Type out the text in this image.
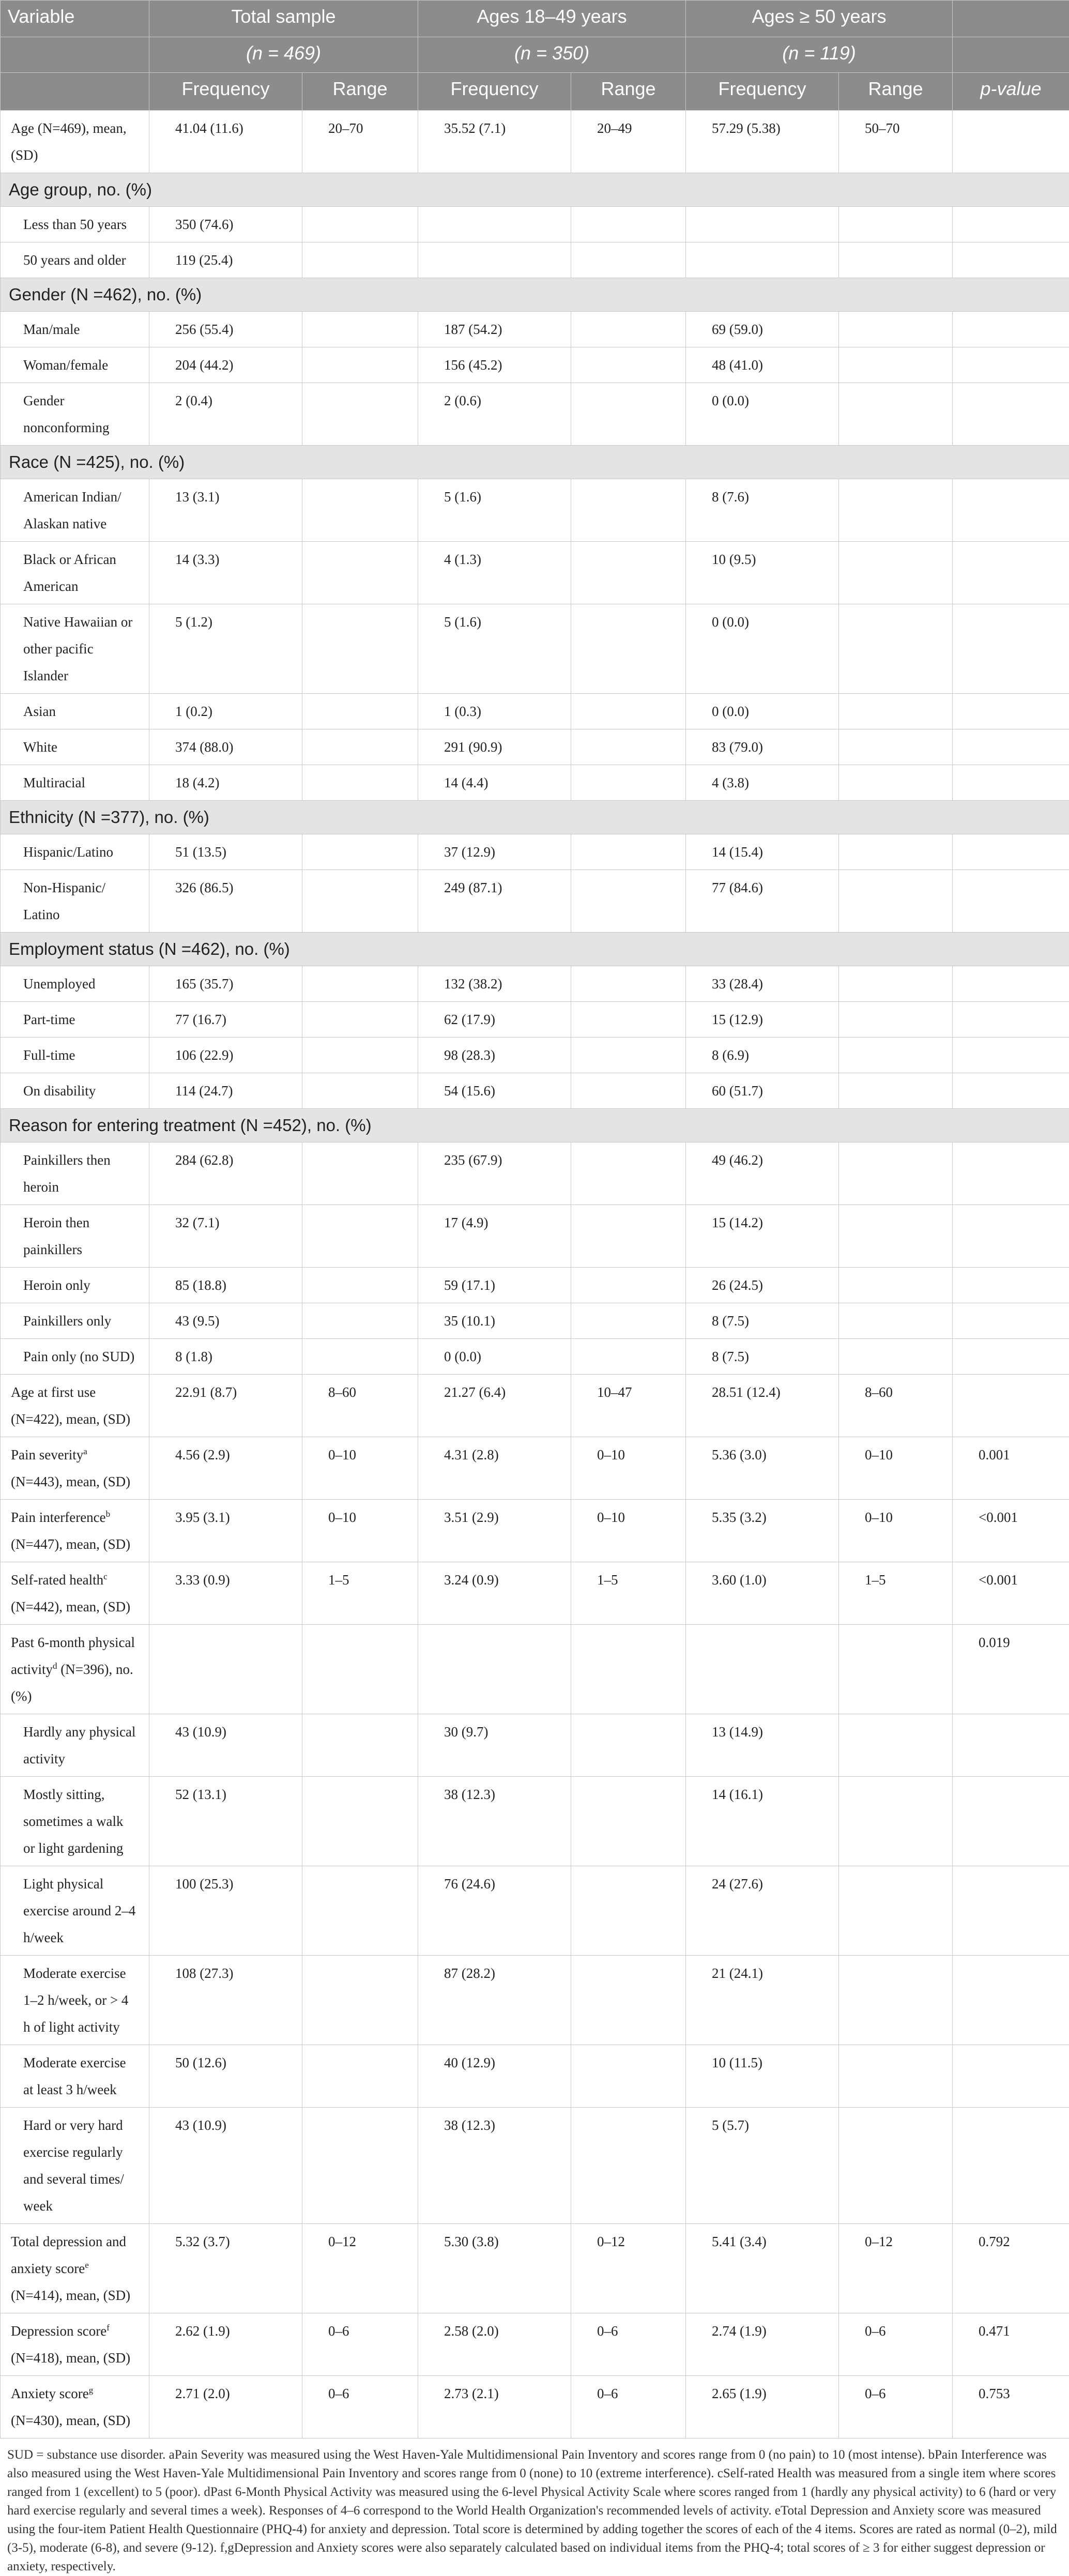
Variable	Total sample		Ages 18–49 years		Ages ≥ 50 years		
	(n = 469)		(n = 350)		(n = 119)		
	Frequency	Range	Frequency	Range	Frequency	Range	p-value
Age (N=469), mean, (SD)	41.04 (11.6)	20–70	35.52 (7.1)	20–49	57.29 (5.38)	50–70	
Age group, no. (%)							
Less than 50 years	350 (74.6)						
50 years and older	119 (25.4)						
Gender (N =462), no. (%)							
Man/male	256 (55.4)		187 (54.2)		69 (59.0)		
Woman/female	204 (44.2)		156 (45.2)		48 (41.0)		
Gender nonconforming	2 (0.4)		2 (0.6)		0 (0.0)		
Race (N =425), no. (%)							
American Indian/ Alaskan native	13 (3.1)		5 (1.6)		8 (7.6)		
Black or African American	14 (3.3)		4 (1.3)		10 (9.5)		
Native Hawaiian or other pacific Islander	5 (1.2)		5 (1.6)		0 (0.0)		
Asian	1 (0.2)		1 (0.3)		0 (0.0)		
White	374 (88.0)		291 (90.9)		83 (79.0)		
Multiracial	18 (4.2)		14 (4.4)		4 (3.8)		
Ethnicity (N =377), no. (%)							
Hispanic/Latino	51 (13.5)		37 (12.9)		14 (15.4)		
Non-Hispanic/ Latino	326 (86.5)		249 (87.1)		77 (84.6)		
Employment status (N =462), no. (%)							
Unemployed	165 (35.7)		132 (38.2)		33 (28.4)		
Part-time	77 (16.7)		62 (17.9)		15 (12.9)		
Full-time	106 (22.9)		98 (28.3)		8 (6.9)		
On disability	114 (24.7)		54 (15.6)		60 (51.7)		
Reason for entering treatment (N =452), no. (%)							
Painkillers then heroin	284 (62.8)		235 (67.9)		49 (46.2)		
Heroin then painkillers	32 (7.1)		17 (4.9)		15 (14.2)		
Heroin only	85 (18.8)		59 (17.1)		26 (24.5)		
Painkillers only	43 (9.5)		35 (10.1)		8 (7.5)		
Pain only (no SUD)	8 (1.8)		0 (0.0)		8 (7.5)		
Age at first use (N=422), mean, (SD)	22.91 (8.7)	8–60	21.27 (6.4)	10–47	28.51 (12.4)	8–60	
Pain severity$^a$ (N=443), mean, (SD)	4.56 (2.9)	0–10	4.31 (2.8)	0–10	5.36 (3.0)	0–10	0.001
Pain interference$^b$ (N=447), mean, (SD)	3.95 (3.1)	0–10	3.51 (2.9)	0–10	5.35 (3.2)	0–10	<0.001
Self-rated health$^c$ (N=442), mean, (SD)	3.33 (0.9)	1–5	3.24 (0.9)	1–5	3.60 (1.0)	1–5	<0.001
Past 6-month physical activity$^d$ (N=396), no. (%)							0.019
Hardly any physical activity	43 (10.9)		30 (9.7)		13 (14.9)		
Mostly sitting, sometimes a walk or light gardening	52 (13.1)		38 (12.3)		14 (16.1)		
Light physical exercise around 2–4 h/week	100 (25.3)		76 (24.6)		24 (27.6)		
Moderate exercise 1–2 h/week, or > 4 h of light activity	108 (27.3)		87 (28.2)		21 (24.1)		
Moderate exercise at least 3 h/week	50 (12.6)		40 (12.9)		10 (11.5)		
Hard or very hard exercise regularly and several times/ week	43 (10.9)		38 (12.3)		5 (5.7)		
Total depression and anxiety score$^e$ (N=414), mean, (SD)	5.32 (3.7)	0–12	5.30 (3.8)	0–12	5.41 (3.4)	0–12	0.792
Depression score$^f$ (N=418), mean, (SD)	2.62 (1.9)	0–6	2.58 (2.0)	0–6	2.74 (1.9)	0–6	0.471
Anxiety score$^g$ (N=430), mean, (SD)	2.71 (2.0)	0–6	2.73 (2.1)	0–6	2.65 (1.9)	0–6	0.753
SUD = substance use disorder. aPain Severity was measured using the West Haven-Yale Multidimensional Pain Inventory and scores range from 0 (no pain) to 10 (most intense). bPain Interference was also measured using the West Haven-Yale Multidimensional Pain Inventory and scores range from 0 (none) to 10 (extreme interference). cSelf-rated Health was measured from a single item where scores ranged from 1 (excellent) to 5 (poor). dPast 6-Month Physical Activity was measured using the 6-level Physical Activity Scale where scores ranged from 1 (hardly any physical activity) to 6 (hard or very hard exercise regularly and several times a week). Responses of 4–6 correspond to the World Health Organization's recommended levels of activity. eTotal Depression and Anxiety score was measured using the four-item Patient Health Questionnaire (PHQ-4) for anxiety and depression. Total score is determined by adding together the scores of each of the 4 items. Scores are rated as normal (0–2), mild (3-5), moderate (6-8), and severe (9-12). f,gDepression and Anxiety scores were also separately calculated based on individual items from the PHQ-4; total scores of ≥ 3 for either suggest depression or anxiety, respectively.
